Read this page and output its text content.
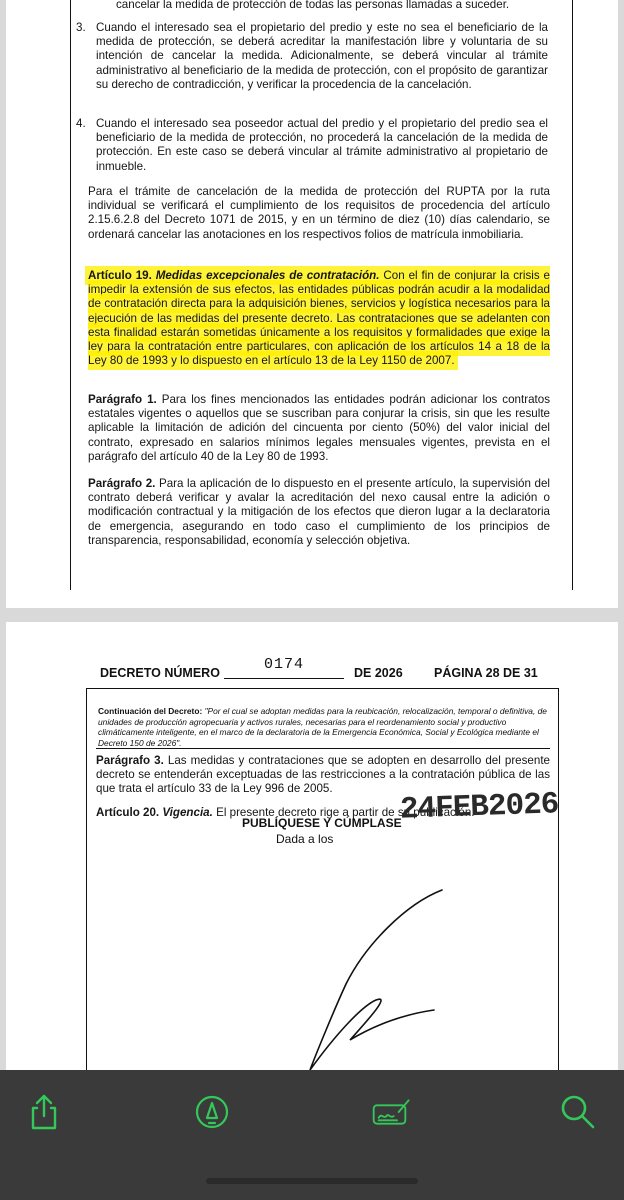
cancelar la medida de protección de todas las personas llamadas a suceder.
3. Cuando el interesado sea el propietario del predio y este no sea el beneficiario de la medida de protección, se deberá acreditar la manifestación libre y voluntaria de su intención de cancelar la medida. Adicionalmente, se deberá vincular al trámite administrativo al beneficiario de la medida de protección, con el propósito de garantizar su derecho de contradicción, y verificar la procedencia de la cancelación.
4. Cuando el interesado sea poseedor actual del predio y el propietario del predio sea el beneficiario de la medida de protección, no procederá la cancelación de la medida de protección. En este caso se deberá vincular al trámite administrativo al propietario de inmueble.
Para el trámite de cancelación de la medida de protección del RUPTA por la ruta individual se verificará el cumplimiento de los requisitos de procedencia del artículo 2.15.6.2.8 del Decreto 1071 de 2015, y en un término de diez (10) días calendario, se ordenará cancelar las anotaciones en los respectivos folios de matrícula inmobiliaria.
Artículo 19. Medidas excepcionales de contratación. Con el fin de conjurar la crisis e impedir la extensión de sus efectos, las entidades públicas podrán acudir a la modalidad de contratación directa para la adquisición bienes, servicios y logística necesarios para la ejecución de las medidas del presente decreto. Las contrataciones que se adelanten con esta finalidad estarán sometidas únicamente a los requisitos y formalidades que exige la ley para la contratación entre particulares, con aplicación de los artículos 14 a 18 de la Ley 80 de 1993 y lo dispuesto en el artículo 13 de la Ley 1150 de 2007.
Parágrafo 1. Para los fines mencionados las entidades podrán adicionar los contratos estatales vigentes o aquellos que se suscriban para conjurar la crisis, sin que les resulte aplicable la limitación de adición del cincuenta por ciento (50%) del valor inicial del contrato, expresado en salarios mínimos legales mensuales vigentes, prevista en el parágrafo del artículo 40 de la Ley 80 de 1993.
Parágrafo 2. Para la aplicación de lo dispuesto en el presente artículo, la supervisión del contrato deberá verificar y avalar la acreditación del nexo causal entre la adición o modificación contractual y la mitigación de los efectos que dieron lugar a la declaratoria de emergencia, asegurando en todo caso el cumplimiento de los principios de transparencia, responsabilidad, economía y selección objetiva.
DECRETO NÚMERO	0174	DE 2026	PÁGINA 28 DE 31
Continuación del Decreto: "Por el cual se adoptan medidas para la reubicación, relocalización, temporal o definitiva, de unidades de producción agropecuaria y activos rurales, necesarias para el reordenamiento social y productivo climáticamente inteligente, en el marco de la declaratoria de la Emergencia Económica, Social y Ecológica mediante el Decreto 150 de 2026".
Parágrafo 3. Las medidas y contrataciones que se adopten en desarrollo del presente decreto se entenderán exceptuadas de las restricciones a la contratación pública de las que trata el artículo 33 de la Ley 996 de 2005.
Artículo 20. Vigencia. El presente decreto rige a partir de su publicación.
24FEB2026
PUBLÍQUESE Y CÚMPLASE
Dada a los
